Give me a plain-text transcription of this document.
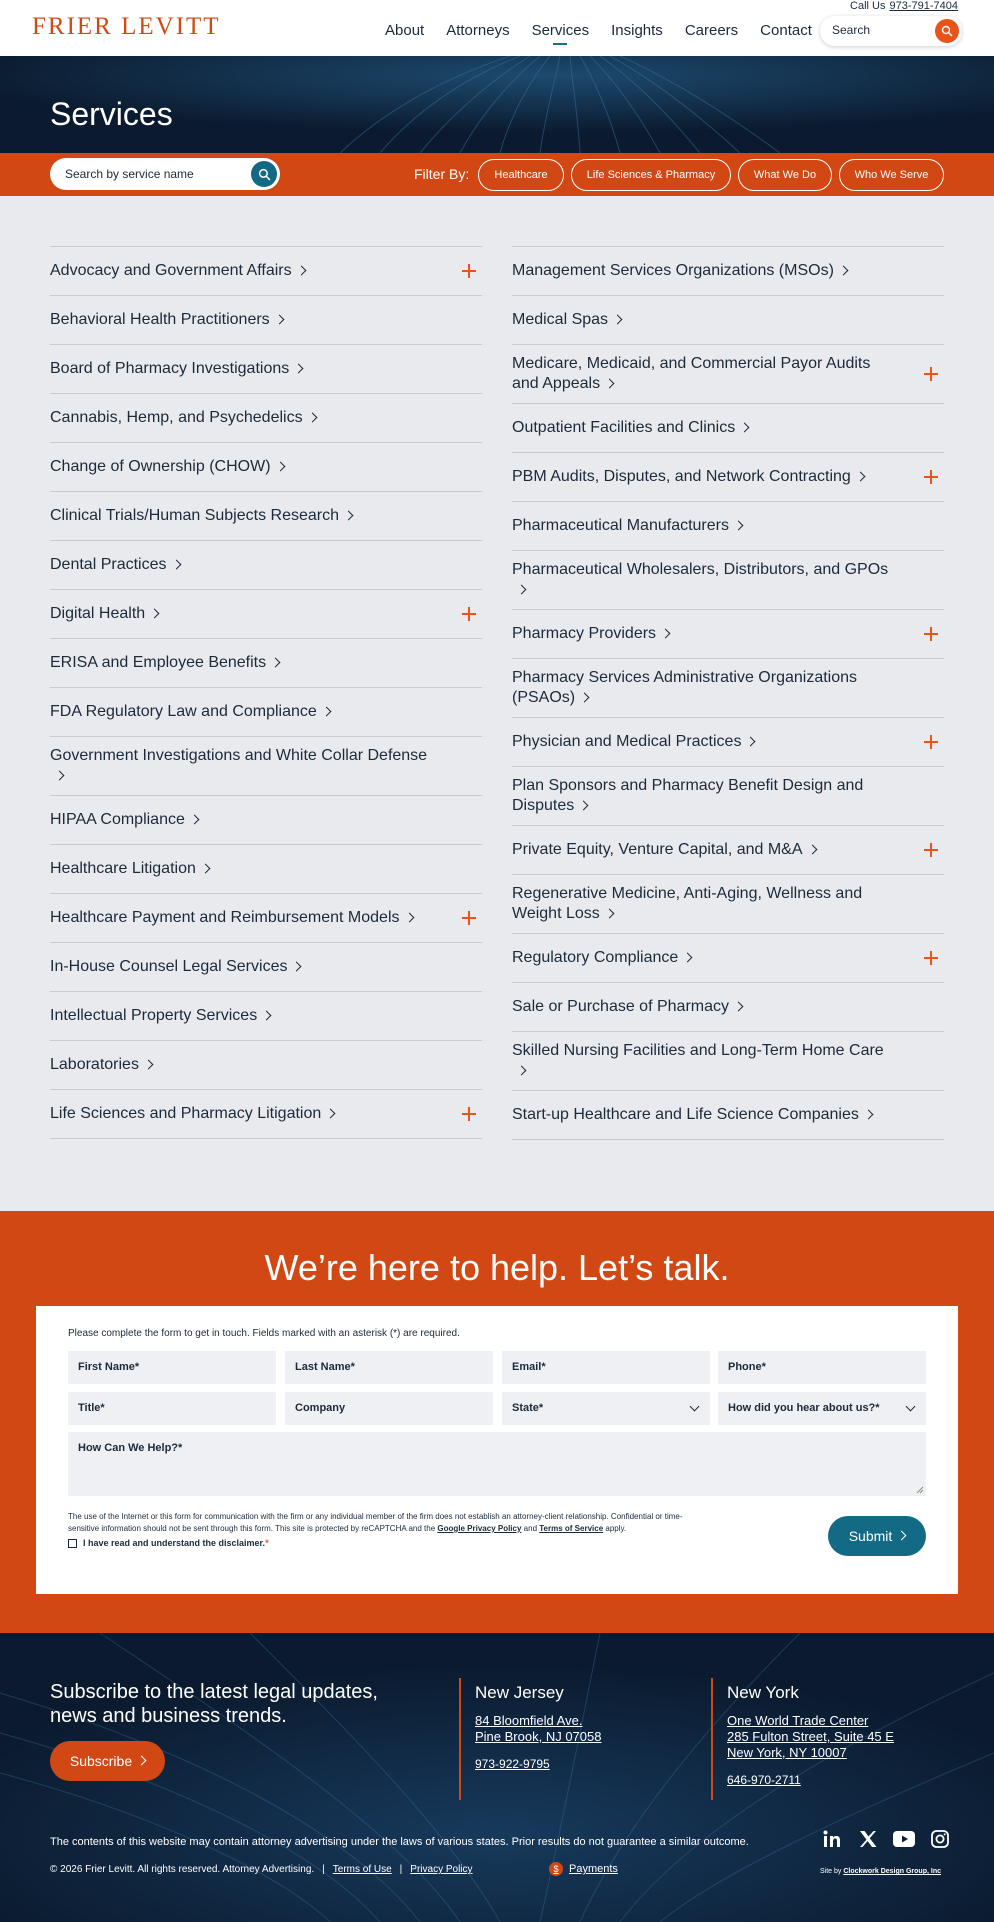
FRIER LEVITT
Call Us 973-791-7404
About Attorneys Services Insights Careers Contact Search
Services
Search by service name
Filter By:	Healthcare	Life Sciences & Pharmacy	What We Do	Who We Serve
Advocacy and Government Affairs
Behavioral Health Practitioners
Board of Pharmacy Investigations
Cannabis, Hemp, and Psychedelics
Change of Ownership (CHOW)
Clinical Trials/Human Subjects Research
Dental Practices
Digital Health
ERISA and Employee Benefits
FDA Regulatory Law and Compliance
Government Investigations and White Collar Defense
HIPAA Compliance
Healthcare Litigation
Healthcare Payment and Reimbursement Models
In-House Counsel Legal Services
Intellectual Property Services
Laboratories
Life Sciences and Pharmacy Litigation
Management Services Organizations (MSOs)
Medical Spas
Medicare, Medicaid, and Commercial Payor Audits and Appeals
Outpatient Facilities and Clinics
PBM Audits, Disputes, and Network Contracting
Pharmaceutical Manufacturers
Pharmaceutical Wholesalers, Distributors, and GPOs
Pharmacy Providers
Pharmacy Services Administrative Organizations (PSAOs)
Physician and Medical Practices
Plan Sponsors and Pharmacy Benefit Design and Disputes
Private Equity, Venture Capital, and M&A
Regenerative Medicine, Anti-Aging, Wellness and Weight Loss
Regulatory Compliance
Sale or Purchase of Pharmacy
Skilled Nursing Facilities and Long-Term Home Care
Start-up Healthcare and Life Science Companies
We’re here to help. Let’s talk.
Please complete the form to get in touch. Fields marked with an asterisk (*) are required.
First Name*	Last Name*	Email*	Phone*
Title*	Company	State*	How did you hear about us?*
How Can We Help?*
The use of the Internet or this form for communication with the firm or any individual member of the firm does not establish an attorney-client relationship. Confidential or time-sensitive information should not be sent through this form. This site is protected by reCAPTCHA and the Google Privacy Policy and Terms of Service apply.
I have read and understand the disclaimer.*	Submit
Subscribe to the latest legal updates, news and business trends.
Subscribe
New Jersey
84 Bloomfield Ave.
Pine Brook, NJ 07058
973-922-9795
New York
One World Trade Center
285 Fulton Street, Suite 45 E
New York, NY 10007
646-970-2711
The contents of this website may contain attorney advertising under the laws of various states. Prior results do not guarantee a similar outcome.
© 2026 Frier Levitt. All rights reserved. Attorney Advertising. | Terms of Use | Privacy Policy	$ Payments	Site by Clockwork Design Group, Inc
